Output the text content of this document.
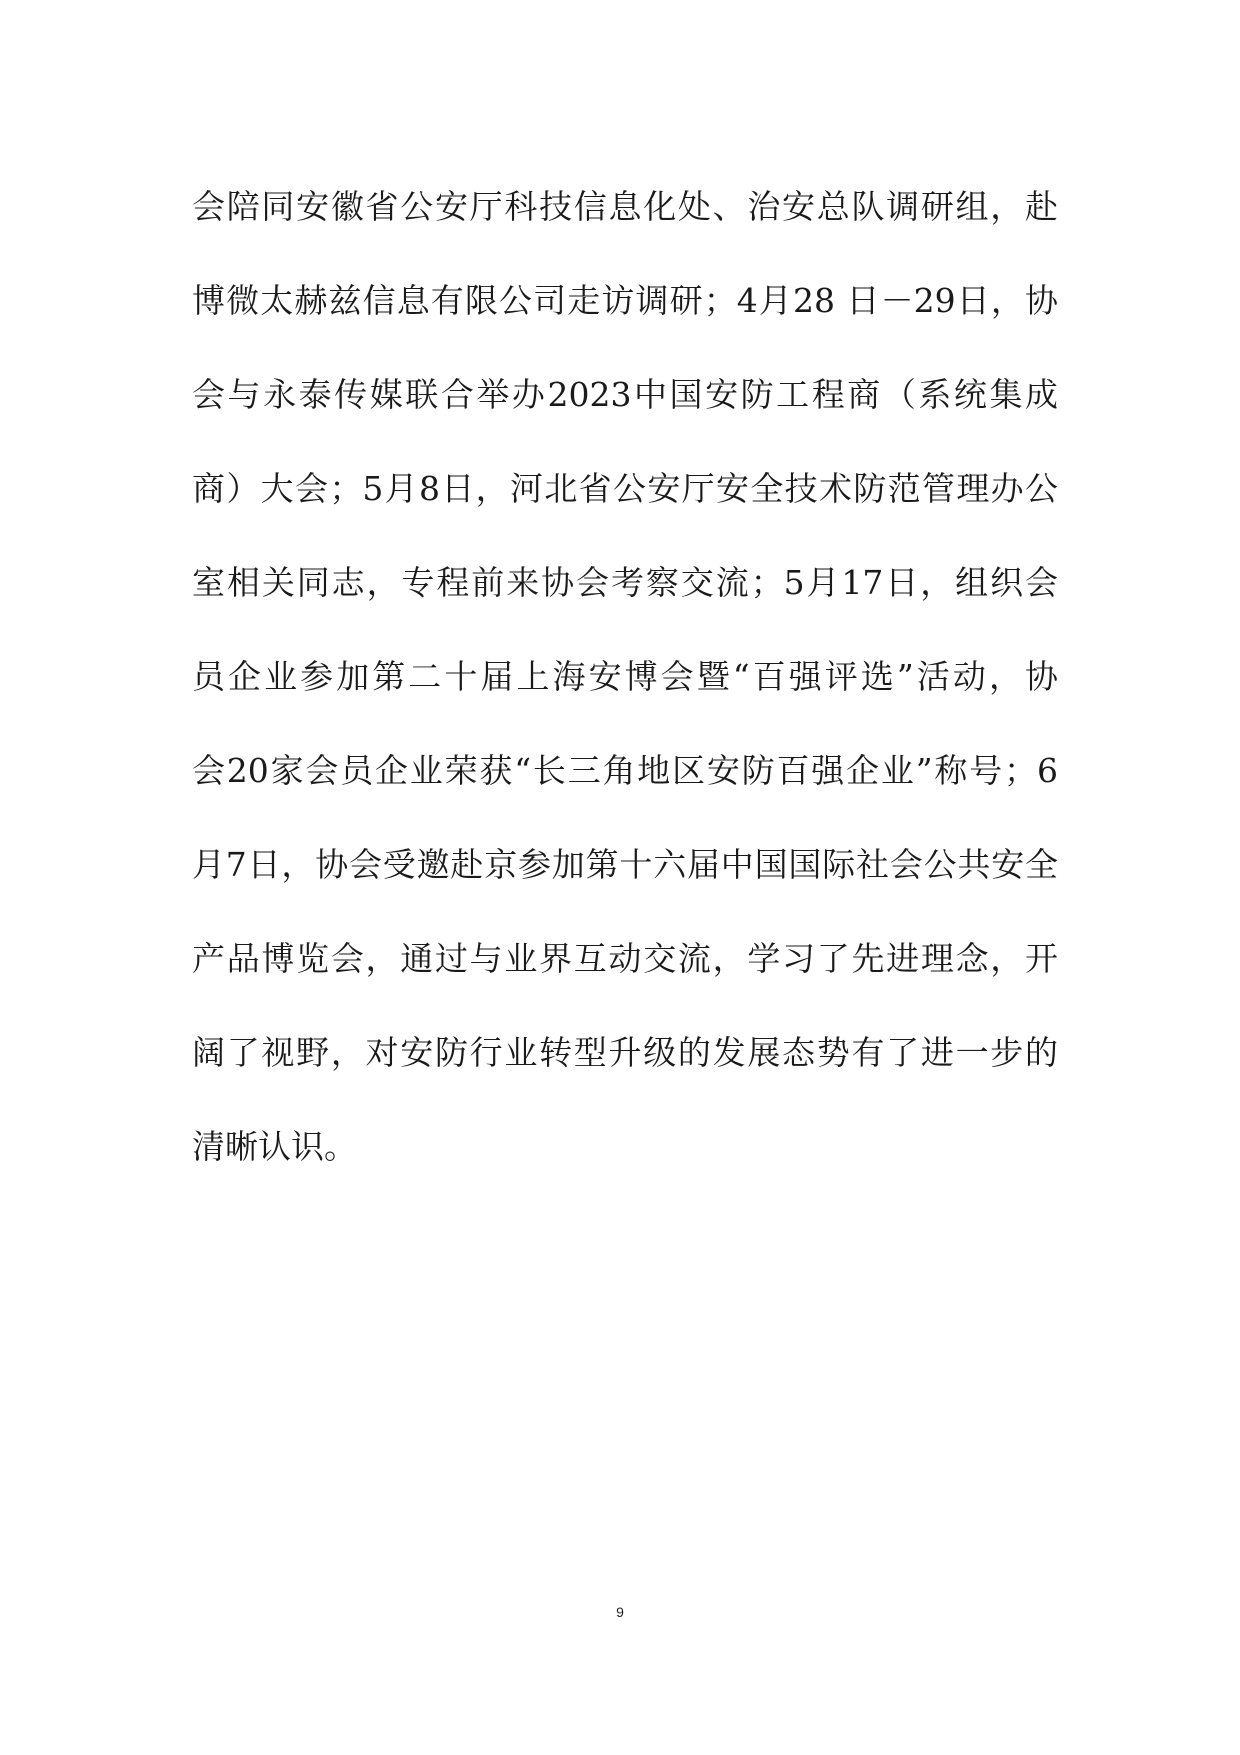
会陪同安徽省公安厅科技信息化处、治安总队调研组，赴
博微太赫兹信息有限公司走访调研；4月28 日－29日，协
会与永泰传媒联合举办2023中国安防工程商（系统集成
商）大会；5月8日，河北省公安厅安全技术防范管理办公
室相关同志，专程前来协会考察交流；5月17日，组织会
员企业参加第二十届上海安博会暨“百强评选”活动，协
会20家会员企业荣获“长三角地区安防百强企业”称号；6
月7日，协会受邀赴京参加第十六届中国国际社会公共安全
产品博览会，通过与业界互动交流，学习了先进理念，开
阔了视野，对安防行业转型升级的发展态势有了进一步的
清晰认识。
9
